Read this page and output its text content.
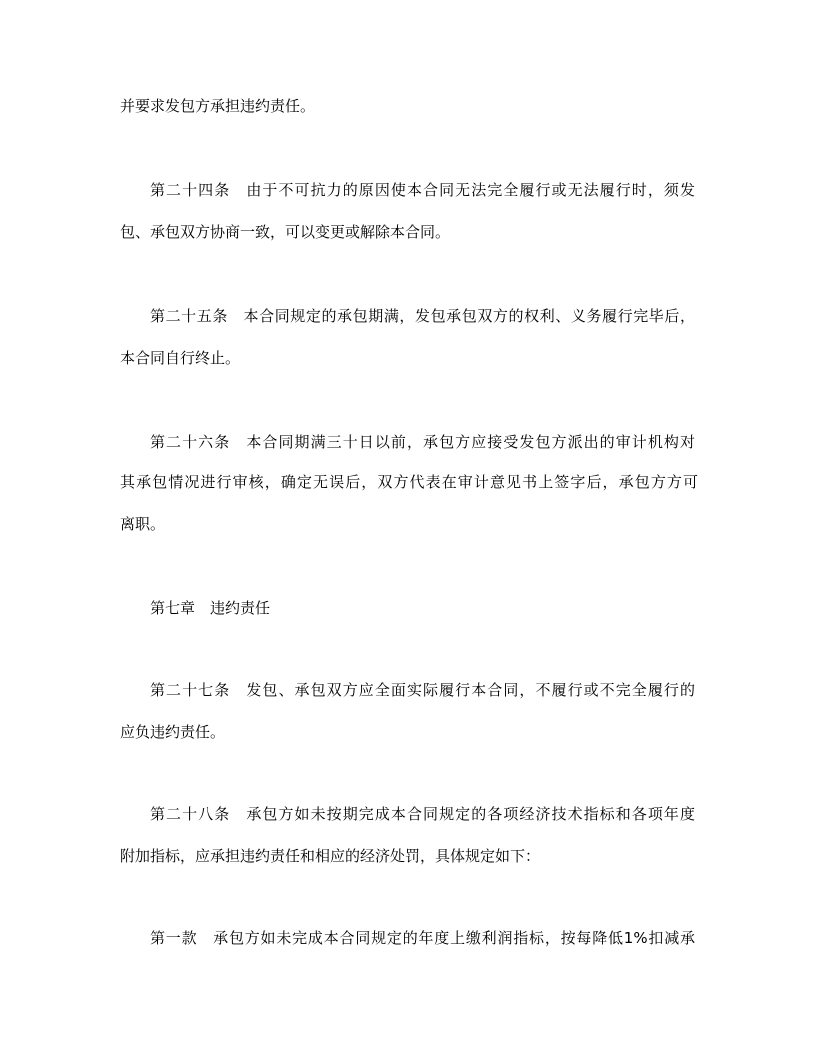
并要求发包方承担违约责任。
第二十四条　由于不可抗力的原因使本合同无法完全履行或无法履行时，须发
包、承包双方协商一致，可以变更或解除本合同。
第二十五条　本合同规定的承包期满，发包承包双方的权利、义务履行完毕后，
本合同自行终止。
第二十六条　本合同期满三十日以前，承包方应接受发包方派出的审计机构对
其承包情况进行审核，确定无误后，双方代表在审计意见书上签字后，承包方方可
离职。
第七章　违约责任
第二十七条　发包、承包双方应全面实际履行本合同，不履行或不完全履行的
应负违约责任。
第二十八条　承包方如未按期完成本合同规定的各项经济技术指标和各项年度
附加指标，应承担违约责任和相应的经济处罚，具体规定如下：
第一款　承包方如未完成本合同规定的年度上缴利润指标，按每降低1%扣减承
